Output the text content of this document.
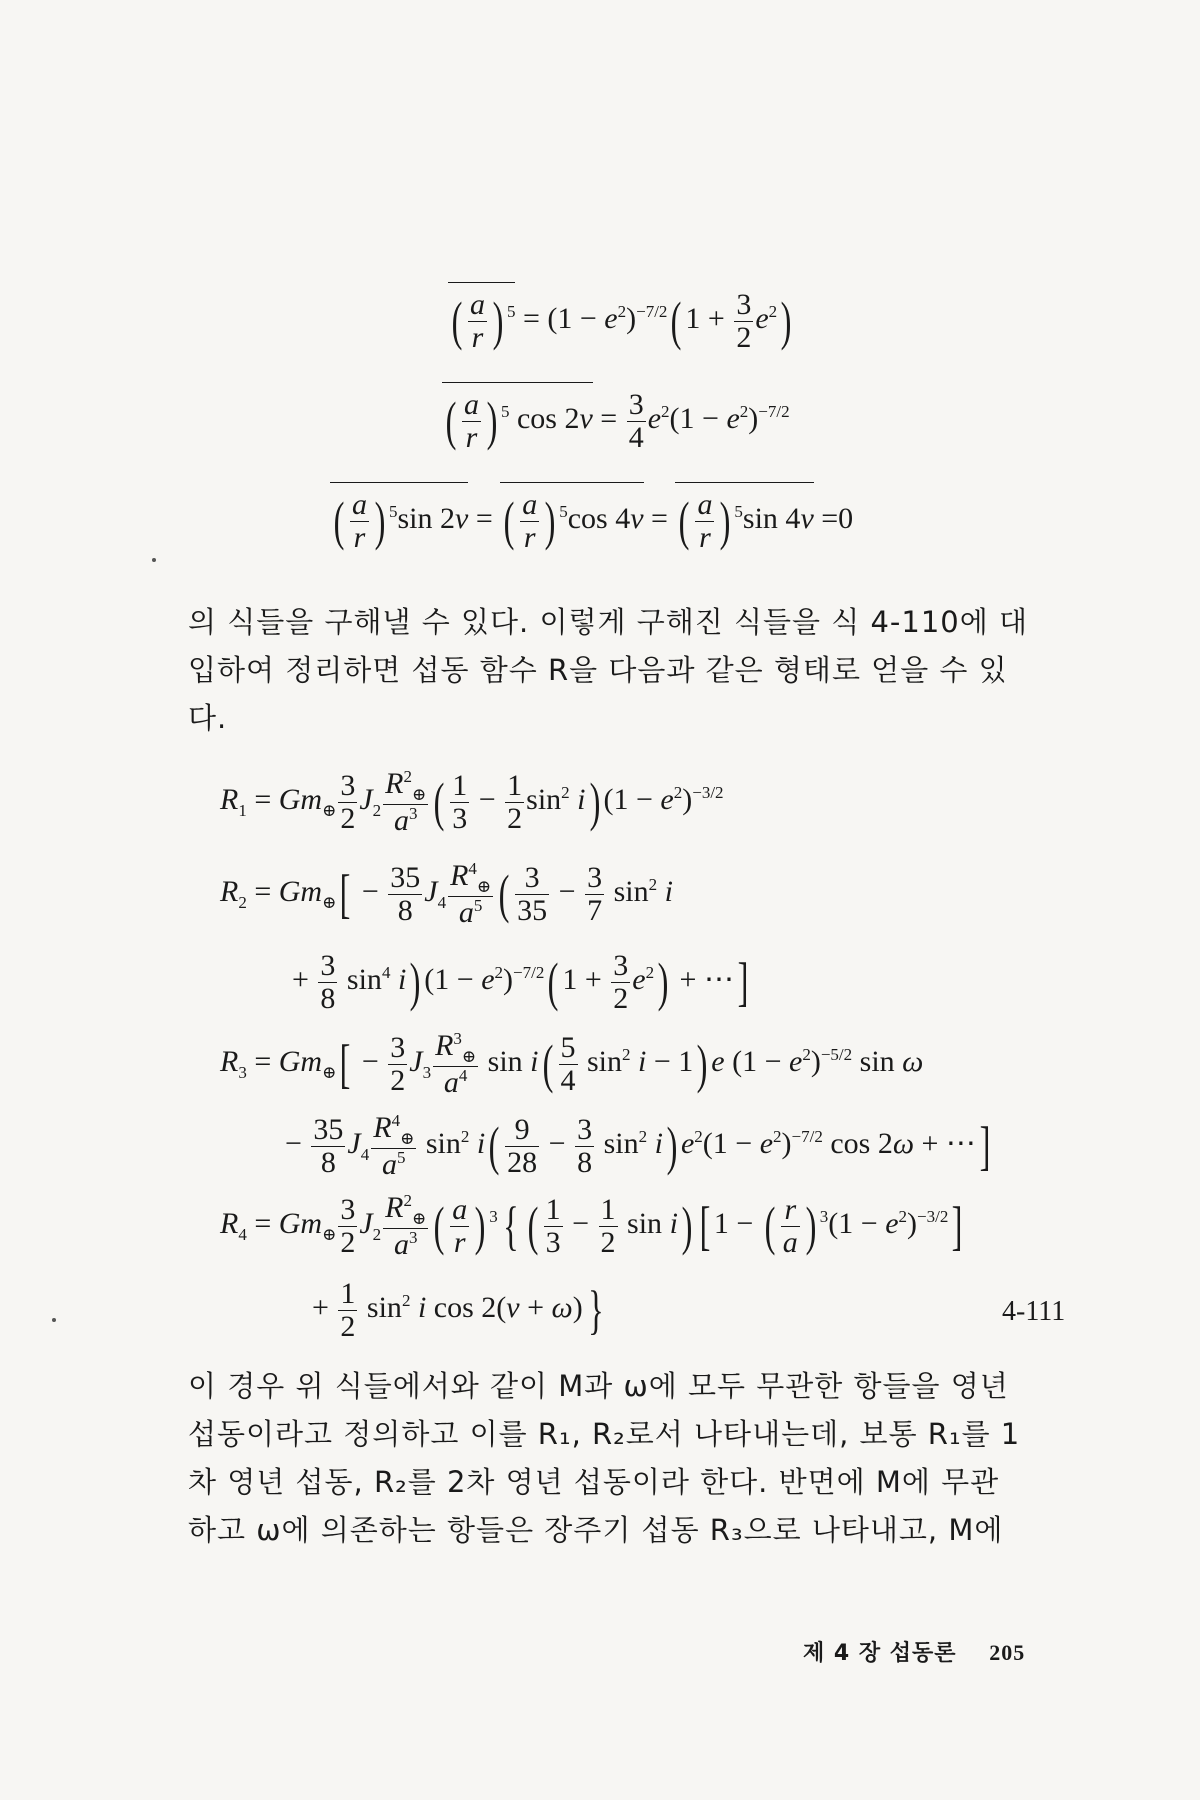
( $\frac{a}{r}$ ) $^5 = (1 - e^2)^{-7/2}$( $1 + \frac{3}{2} e^2$)
( $\frac{a}{r}$ ) $^5$ $\cos 2\nu = \frac{3}{4} e^2(1 - e^2)^{-7/2}$
( $\frac{a}{r}$ ) $^5$sin 2ν = ( $\frac{a}{r}$ ) $^5$cos 4ν = ( $\frac{a}{r}$ ) $^5$sin 4ν =0
의 식들을 구해낼 수 있다. 이렇게 구해진 식들을 식 4-110에 대
입하여 정리하면 섭동 함수 R을 다음과 같은 형태로 얻을 수 있
다.
$R_1 = Gm_\oplus \frac{3}{2} J_2 \frac{R^2_\oplus}{a^3}$ ( $\frac{1}{3} - \frac{1}{2} \sin^2 i$) $(1 - e^2)^{-3/2}$
$R_2 = Gm_\oplus[ - \frac{35}{8} J_4 \frac{R^4_\oplus}{a^5}$ ( $\frac{3}{35} - \frac{3}{7} \sin^2 i$
+ $\frac{3}{8} \sin^4 i$) $(1 - e^2)^{-7/2}$( $1 + \frac{3}{2} e^2$) + ⋯]
$R_3 = Gm_\oplus[ - \frac{3}{2} J_3 \frac{R^3_\oplus}{a^4}$ $\sin i( \frac{5}{4} \sin^2 i - 1)$ e $(1 - e^2)^{-5/2}$ sin ω
− $\frac{35}{8} J_4 \frac{R^4_\oplus}{a^5} \sin^2 i( \frac{9}{28} - \frac{3}{8} \sin^2 i) e^2(1 - e^2)^{-7/2}$ cos 2ω + ⋯]
$R_4 = Gm_\oplus \frac{3}{2} J_2 \frac{R^2_\oplus}{a^3}$ ( $\frac{a}{r}$ ) $^3${ ( $\frac{1}{3} - \frac{1}{2}$ sin i) [ 1 − ( $\frac{r}{a}$ ) $^3(1 - e^2)^{-3/2}$]
+ $\frac{1}{2} \sin^2 i$ cos 2(ν + ω)}	4-111
이 경우 위 식들에서와 같이 M과 ω에 모두 무관한 항들을 영년
섭동이라고 정의하고 이를 R₁, R₂로서 나타내는데, 보통 R₁를 1
차 영년 섭동, R₂를 2차 영년 섭동이라 한다. 반면에 M에 무관
하고 ω에 의존하는 항들은 장주기 섭동 R₃으로 나타내고, M에
제 4 장 섭동론 205
